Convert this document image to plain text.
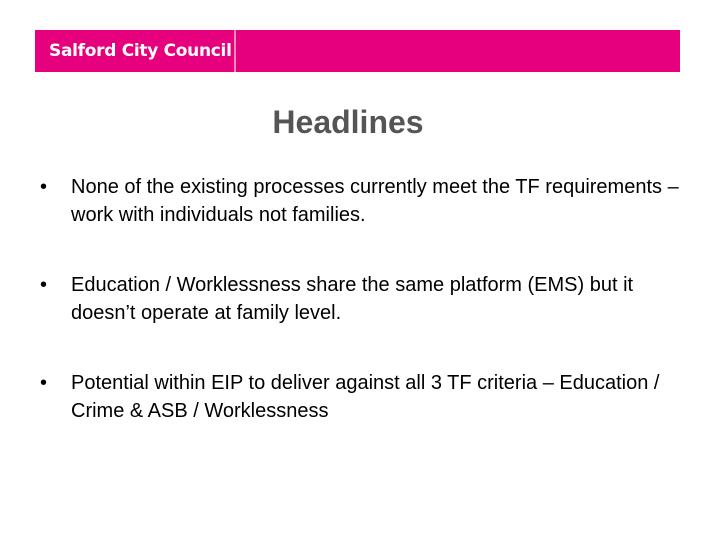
Salford City Council
Headlines
• None of the existing processes currently meet the TF requirements – work with individuals not families.
• Education / Worklessness share the same platform (EMS) but it doesn’t operate at family level.
• Potential within EIP to deliver against all 3 TF criteria – Education / Crime & ASB / Worklessness
